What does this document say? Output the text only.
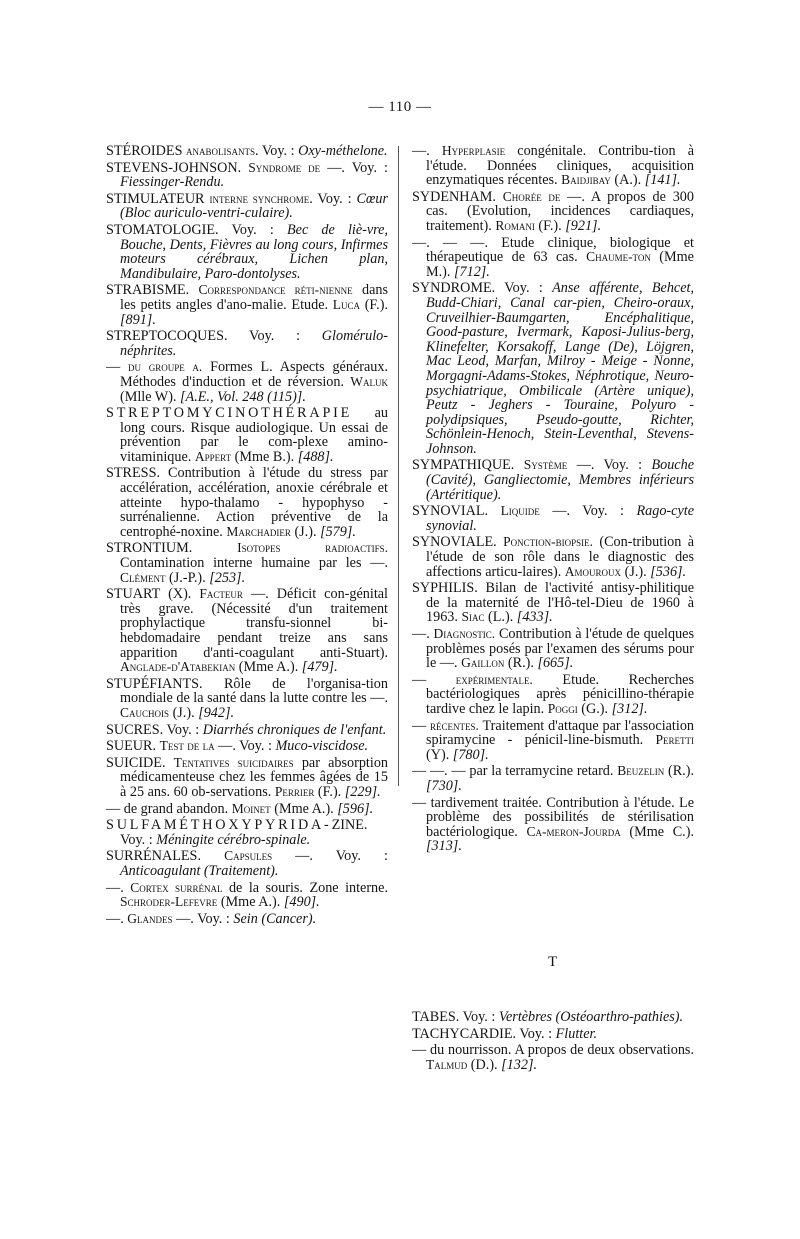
— 110 —

STÉROIDES anabolisants. Voy. : Oxy-méthelone.

STEVENS-JOHNSON. Syndrome de —. Voy. : Fiessinger-Rendu.

STIMULATEUR interne synchrome. Voy. : Cœur (Bloc auriculo-ventri-culaire).

STOMATOLOGIE. Voy. : Bec de liè-vre, Bouche, Dents, Fièvres au long cours, Infirmes moteurs cérébraux, Lichen plan, Mandibulaire, Paro-dontolyses.

STRABISME. Correspondance réti-nienne dans les petits angles d'ano-malie. Etude. Luca (F.). [891].

STREPTOCOQUES. Voy. : Glomérulo-néphrites.

— du groupe a. Formes L. Aspects généraux. Méthodes d'induction et de réversion. Waluk (Mlle W). [A.E., Vol. 248 (115)].

STREPTOMYCINOTHÉRAPIE au long cours. Risque audiologique. Un essai de prévention par le com-plexe amino-vitaminique. Appert (Mme B.). [488].

STRESS. Contribution à l'étude du stress par accélération, accélération, anoxie cérébrale et atteinte hypo-thalamo - hypophyso - surrénalienne. Action préventive de la centrophé-noxine. Marchadier (J.). [579].

STRONTIUM. Isotopes radioactifs. Contamination interne humaine par les —. Clément (J.-P.). [253].

STUART (X). Facteur —. Déficit con-génital très grave. (Nécessité d'un traitement prophylactique transfu-sionnel bi-hebdomadaire pendant treize ans sans apparition d'anti-coagulant anti-Stuart). Anglade-d'Atabekian (Mme A.). [479].

STUPÉFIANTS. Rôle de l'organisa-tion mondiale de la santé dans la lutte contre les —. Cauchois (J.). [942].

SUCRES. Voy. : Diarrhés chroniques de l'enfant.

SUEUR. Test de la —. Voy. : Muco-viscidose.

SUICIDE. Tentatives suicidaires par absorption médicamenteuse chez les femmes âgées de 15 à 25 ans. 60 ob-servations. Perrier (F.). [229].

— de grand abandon. Moinet (Mme A.). [596].

SULFAMÉTHOXYPYRIDA-ZINE. Voy. : Méningite cérébro-spinale.

SURRÉNALES. Capsules —. Voy. : Anticoagulant (Traitement).

—. Cortex surrénal de la souris. Zone interne. Schroder-Lefevre (Mme A.). [490].

—. Glandes —. Voy. : Sein (Cancer).

—. Hyperplasie congénitale. Contribu-tion à l'étude. Données cliniques, acquisition enzymatiques récentes. Baidjibay (A.). [141].

SYDENHAM. Chorée de —. A propos de 300 cas. (Evolution, incidences cardiaques, traitement). Romani (F.). [921].

—. — —. Etude clinique, biologique et thérapeutique de 63 cas. Chaume-ton (Mme M.). [712].

SYNDROME. Voy. : Anse afférente, Behcet, Budd-Chiari, Canal car-pien, Cheiro-oraux, Cruveilhier-Baumgarten, Encéphalitique, Good-pasture, Ivermark, Kaposi-Julius-berg, Klinefelter, Korsakoff, Lange (De), Löjgren, Mac Leod, Marfan, Milroy - Meige - Nonne, Morgagni-Adams-Stokes, Néphrotique, Neuro-psychiatrique, Ombilicale (Artère unique), Peutz - Jeghers - Touraine, Polyuro - polydipsiques, Pseudo-goutte, Richter, Schönlein-Henoch, Stein-Leventhal, Stevens-Johnson.

SYMPATHIQUE. Système —. Voy. : Bouche (Cavité), Gangliectomie, Membres inférieurs (Artéritique).

SYNOVIAL. Liquide —. Voy. : Rago-cyte synovial.

SYNOVIALE. Ponction-biopsie. (Con-tribution à l'étude de son rôle dans le diagnostic des affections articu-laires). Amouroux (J.). [536].

SYPHILIS. Bilan de l'activité antisy-philitique de la maternité de l'Hô-tel-Dieu de 1960 à 1963. Siac (L.). [433].

—. Diagnostic. Contribution à l'étude de quelques problèmes posés par l'examen des sérums pour le —. Gaillon (R.). [665].

— expérimentale. Etude. Recherches bactériologiques après pénicillino-thérapie tardive chez le lapin. Poggi (G.). [312].

— récentes. Traitement d'attaque par l'association spiramycine - pénicil-line-bismuth. Peretti (Y). [780].

— —. — par la terramycine retard. Beuzelin (R.). [730].

— tardivement traitée. Contribution à l'étude. Le problème des possibilités de stérilisation bactériologique. Ca-meron-Jourda (Mme C.). [313].

T

TABES. Voy. : Vertèbres (Ostéoarthro-pathies).

TACHYCARDIE. Voy. : Flutter.

— du nourrisson. A propos de deux observations. Talmud (D.). [132].
